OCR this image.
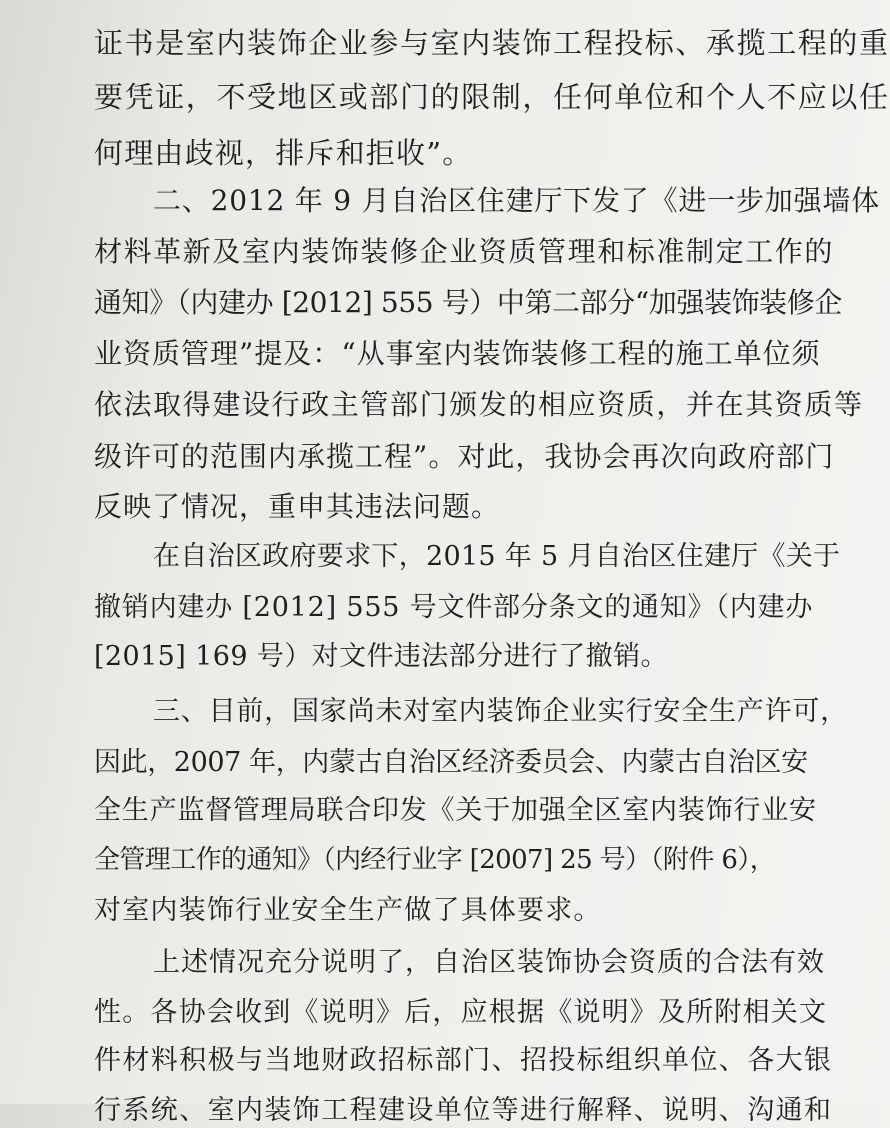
证书是室内装饰企业参与室内装饰工程投标、承揽工程的重
要凭证，不受地区或部门的限制，任何单位和个人不应以任
何理由歧视，排斥和拒收”。
二、2012 年 9 月自治区住建厅下发了《进一步加强墙体
材料革新及室内装饰装修企业资质管理和标准制定工作的
通知》（内建办 [2012] 555 号）中第二部分“加强装饰装修企
业资质管理”提及：“从事室内装饰装修工程的施工单位须
依法取得建设行政主管部门颁发的相应资质，并在其资质等
级许可的范围内承揽工程”。对此，我协会再次向政府部门
反映了情况，重申其违法问题。
在自治区政府要求下，2015 年 5 月自治区住建厅《关于
撤销内建办 [2012] 555 号文件部分条文的通知》（内建办
[2015] 169 号）对文件违法部分进行了撤销。
三、目前，国家尚未对室内装饰企业实行安全生产许可，
因此，2007 年，内蒙古自治区经济委员会、内蒙古自治区安
全生产监督管理局联合印发《关于加强全区室内装饰行业安
全管理工作的通知》（内经行业字 [2007] 25 号）（附件 6），
对室内装饰行业安全生产做了具体要求。
上述情况充分说明了，自治区装饰协会资质的合法有效
性。各协会收到《说明》后，应根据《说明》及所附相关文
件材料积极与当地财政招标部门、招投标组织单位、各大银
行系统、室内装饰工程建设单位等进行解释、说明、沟通和
